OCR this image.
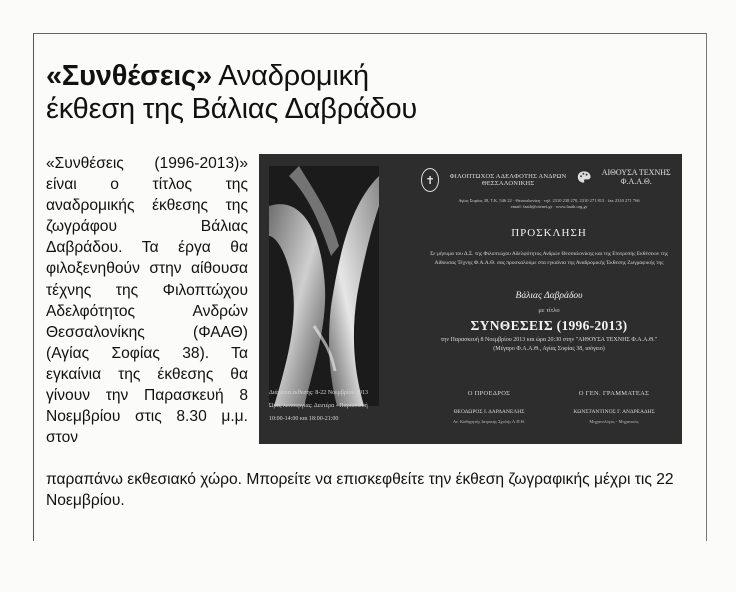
«Συνθέσεις» Αναδρομική
έκθεση της Βάλιας Δαβράδου

«Συνθέσεις (1996-2013)» είναι ο τίτλος της αναδρομικής έκθεσης της ζωγράφου Βάλιας Δαβράδου. Τα έργα θα φιλοξενηθούν στην αίθουσα τέχνης της Φιλοπτώχου Αδελφότητος Ανδρών Θεσσαλονίκης (ΦΑΑΘ) (Αγίας Σοφίας 38). Τα εγκαίνια της έκθεσης θα γίνουν την Παρασκευή 8 Νοεμβρίου στις 8.30 μ.μ. στον

Διάρκεια έκθεσης: 8-22 Νοεμβρίου 2013
Ώρες λειτουργίας: Δευτέρα - Παρασκευή
10:00-14:00 και 18:00-21:00
✝	ΦΙΛΟΠΤΩΧΟΣ ΑΔΕΛΦΟΤΗΣ ΑΝΔΡΩΝ ΘΕΣΣΑΛΟΝΙΚΗΣ
ΑΙΘΟΥΣΑ ΤΕΧΝΗΣ Φ.Α.Α.Θ.
Αγίας Σοφίας 38, Τ.Κ. 546 22 · Θεσσαλονίκη · τηλ. 2310 238 270, 2310 271 813 · fax 2310 271 766
email: faath@otenet.gr · www.faath.org.gr
ΠΡΟΣΚΛΗΣΗ
Σε μήνυμα του Δ.Σ. της Φιλοπτώχου Αδελφότητος Ανδρών Θεσσαλονίκης και της Επιτροπής Εκθέσεων της Αίθουσας Τέχνης Φ.Α.Α.Θ. σας προσκαλούμε στα εγκαίνια της Αναδρομικής Έκθεσης Ζωγραφικής της
Βάλιας Δαβράδου
με τίτλο
ΣΥΝΘΕΣΕΙΣ (1996-2013)
την Παρασκευή 8 Νοεμβρίου 2013 και ώρα 20:30 στην "ΑΙΘΟΥΣΑ ΤΕΧΝΗΣ Φ.Α.Α.Θ."
(Μέγαρο Φ.Α.Α.Θ., Αγίας Σοφίας 38, ισόγειο)
Ο ΠΡΟΕΔΡΟΣ
ΘΕΟΔΩΡΟΣ Ι. ΔΑΡΔΑΝΕΛΗΣ
Αν. Καθηγητής Ιατρικής Σχολής Α.Π.Θ.
Ο ΓΕΝ. ΓΡΑΜΜΑΤΕΑΣ
ΚΩΝΣΤΑΝΤΙΝΟΣ Γ. ΑΝΔΡΕΑΔΗΣ
Μηχανολόγος - Μηχανικός

παραπάνω εκθεσιακό χώρο. Μπορείτε να επισκεφθείτε την έκθεση ζωγραφικής μέχρι τις 22 Νοεμβρίου.
